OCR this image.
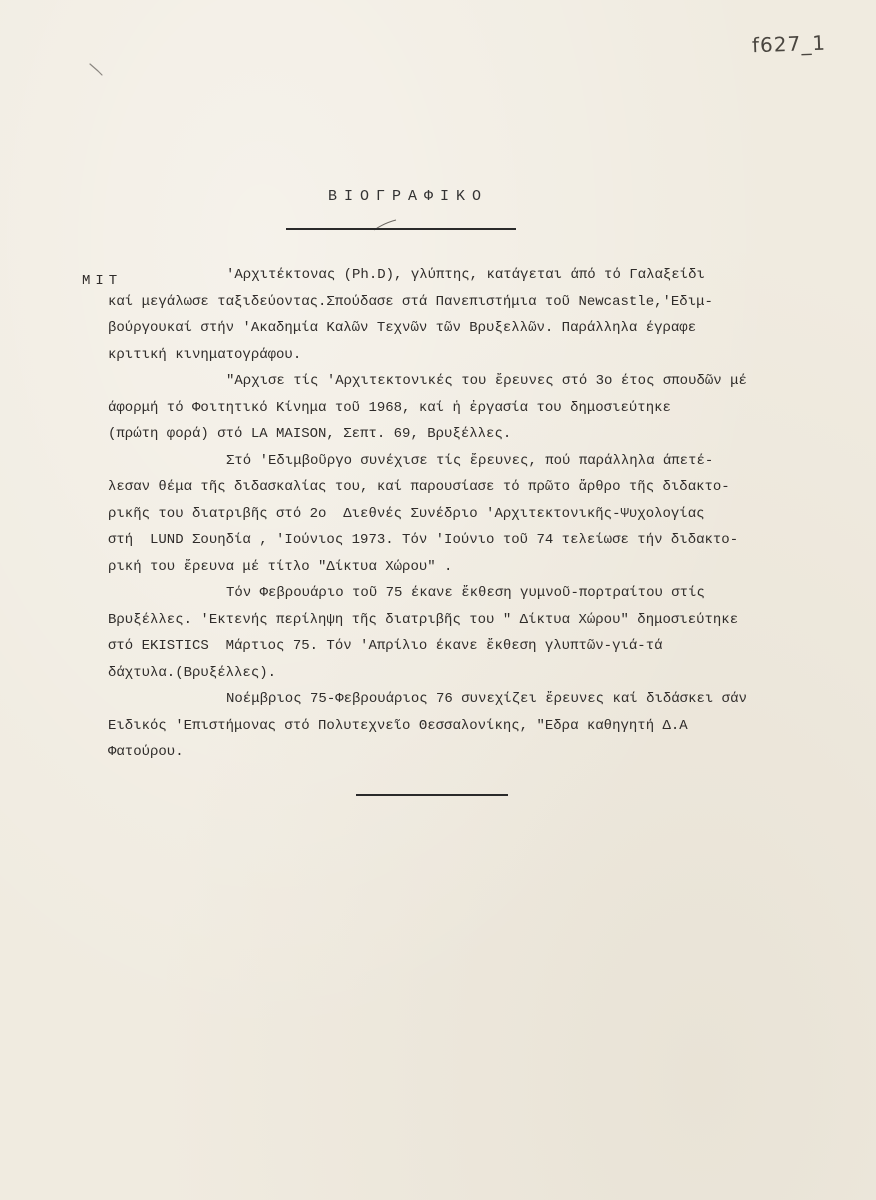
f627_1
ΒΙΟΓΡΑΦΙΚΟ
ΜΙΤ	'Αρχιτέκτονας (Ph.D), γλύπτης, κατάγεται άπό τό Γαλαξείδι
καί μεγάλωσε ταξιδεύοντας.Σπούδασε στά Πανεπιστήμια τοῦ Newcastle,'Εδιμ-
βούργουκαί στήν 'Ακαδημία Καλῶν Τεχνῶν τῶν Βρυξελλῶν. Παράλληλα έγραφε
κριτική κινηματογράφου.

"Αρχισε τίς 'Αρχιτεκτονικές του ἔρευνες στό 3ο έτος σπουδῶν μέ
άφορμή τό Φοιτητικό Κίνημα τοῦ 1968, καί ἡ ἐργασία του δημοσιεύτηκε
(πρώτη φορά) στό LA MAISON, Σεπτ. 69, Βρυξέλλες.

Στό 'Εδιμβοῦργο συνέχισε τίς ἔρευνες, πού παράλληλα άπετέ-
λεσαν θέμα τῆς διδασκαλίας του, καί παρουσίασε τό πρῶτο ἄρθρο τῆς διδακτο-
ρικῆς του διατριβῆς στό 2ο  Διεθνές Συνέδριο 'Αρχιτεκτονικῆς-Ψυχολογίας
στή  LUND Σουηδία , 'Ιούνιος 1973. Τόν 'Ιούνιο τοῦ 74 τελείωσε τήν διδακτο-
ρική του ἔρευνα μέ τίτλο "Δίκτυα Χώρου" .

Τόν Φεβρουάριο τοῦ 75 έκανε ἔκθεση γυμνοῦ-πορτραίτου στίς
Βρυξέλλες. 'Εκτενής περίληψη τῆς διατριβῆς του " Δίκτυα Χώρου" δημοσιεύτηκε
στό EKISTICS  Μάρτιος 75. Τόν 'Απρίλιο έκανε ἔκθεση γλυπτῶν-γιά-τά
δάχτυλα.(Βρυξέλλες).

Νοέμβριος 75-Φεβρουάριος 76 συνεχίζει ἔρευνες καί διδάσκει σάν
Ειδικός 'Επιστήμονας στό Πολυτεχνεῖο Θεσσαλονίκης, "Εδρα καθηγητή Δ.Α
Φατούρου.
